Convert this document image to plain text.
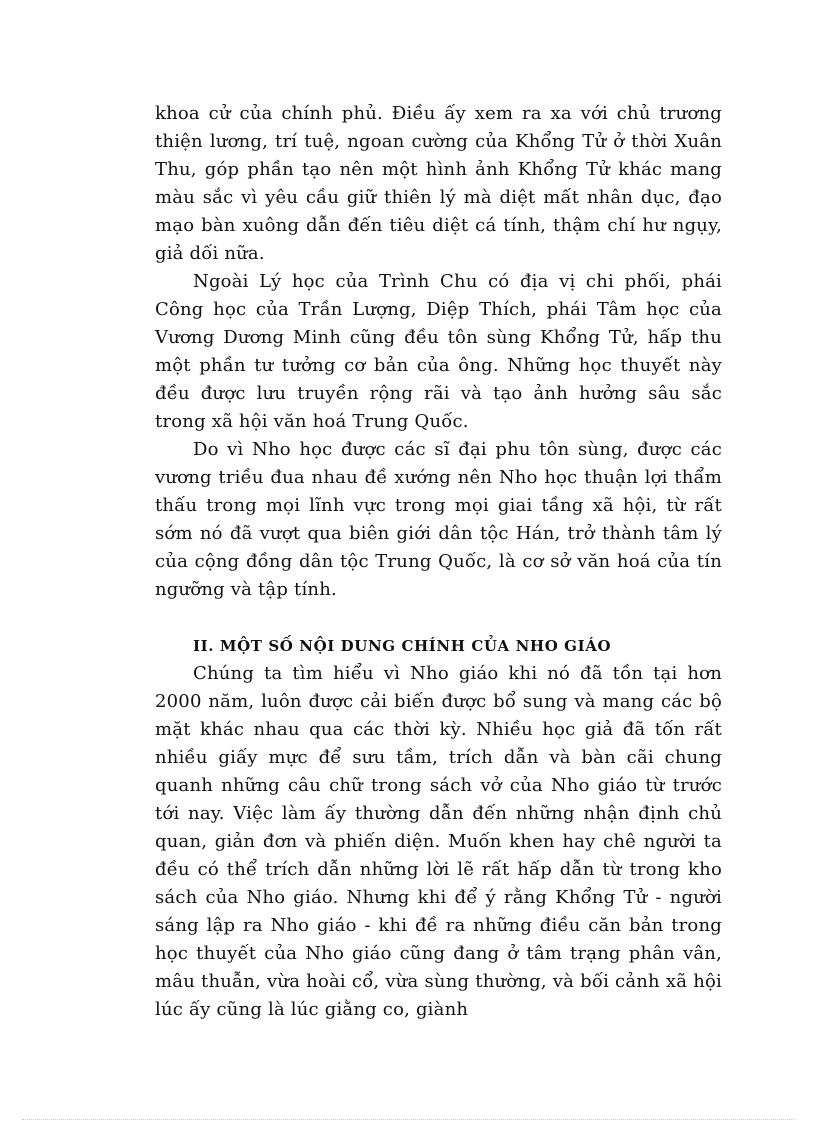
khoa cử của chính phủ. Điều ấy xem ra xa với chủ trương thiện lương, trí tuệ, ngoan cường của Khổng Tử ở thời Xuân Thu, góp phần tạo nên một hình ảnh Khổng Tử khác mang màu sắc vì yêu cầu giữ thiên lý mà diệt mất nhân dục, đạo mạo bàn xuông dẫn đến tiêu diệt cá tính, thậm chí hư ngụy, giả dối nữa.

Ngoài Lý học của Trình Chu có địa vị chi phối, phái Công học của Trần Lượng, Diệp Thích, phái Tâm học của Vương Dương Minh cũng đều tôn sùng Khổng Tử, hấp thu một phần tư tưởng cơ bản của ông. Những học thuyết này đều được lưu truyền rộng rãi và tạo ảnh hưởng sâu sắc trong xã hội văn hoá Trung Quốc.

Do vì Nho học được các sĩ đại phu tôn sùng, được các vương triều đua nhau đề xướng nên Nho học thuận lợi thẩm thấu trong mọi lĩnh vực trong mọi giai tầng xã hội, từ rất sớm nó đã vượt qua biên giới dân tộc Hán, trở thành tâm lý của cộng đồng dân tộc Trung Quốc, là cơ sở văn hoá của tín ngưỡng và tập tính.

II. MỘT SỐ NỘI DUNG CHÍNH CỦA NHO GIÁO

Chúng ta tìm hiểu vì Nho giáo khi nó đã tồn tại hơn 2000 năm, luôn được cải biến được bổ sung và mang các bộ mặt khác nhau qua các thời kỳ. Nhiều học giả đã tốn rất nhiều giấy mực để sưu tầm, trích dẫn và bàn cãi chung quanh những câu chữ trong sách vở của Nho giáo từ trước tới nay. Việc làm ấy thường dẫn đến những nhận định chủ quan, giản đơn và phiến diện. Muốn khen hay chê người ta đều có thể trích dẫn những lời lẽ rất hấp dẫn từ trong kho sách của Nho giáo. Nhưng khi để ý rằng Khổng Tử - người sáng lập ra Nho giáo - khi đề ra những điều căn bản trong học thuyết của Nho giáo cũng đang ở tâm trạng phân vân, mâu thuẫn, vừa hoài cổ, vừa sùng thường, và bối cảnh xã hội lúc ấy cũng là lúc giằng co, giành
